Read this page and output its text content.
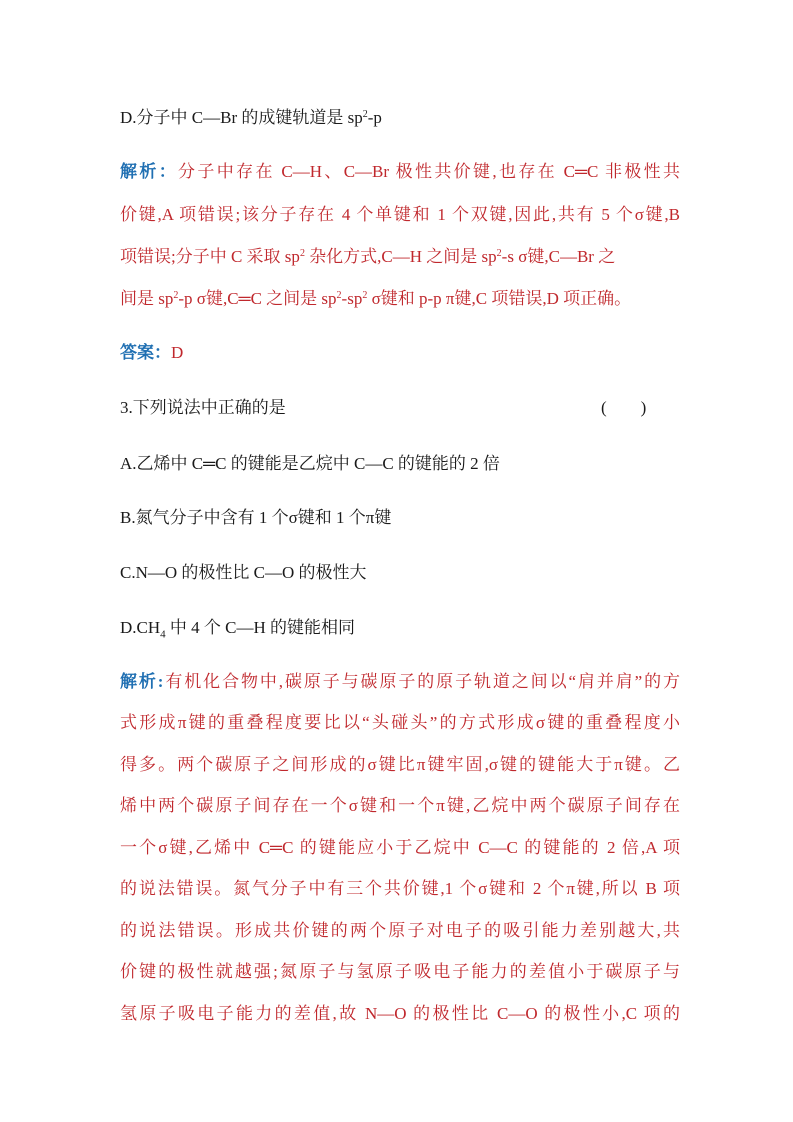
D.分子中 C—Br 的成键轨道是 $sp^2-p$
解析：分子中存在 C—H、C—Br 极性共价键,也存在 C═C 非极性共
价键,A 项错误;该分子存在 4 个单键和 1 个双键,因此,共有 5 个σ键,B
项错误;分子中 C 采取 $sp^2$ 杂化方式,C—H 之间是 $sp^2-s$ σ键,C—Br 之
间是 $sp^2-p$ σ键,C═C 之间是 $sp^2-sp^2$ σ键和 p-p π键,C 项错误,D 项正确。
答案：D
3.下列说法中正确的是	(　　)
A.乙烯中 C═C 的键能是乙烷中 C—C 的键能的 2 倍
B.氮气分子中含有 1 个σ键和 1 个π键
C.N—O 的极性比 C—O 的极性大
$D.CH_4$ 中 4 个 C—H 的键能相同
解析:有机化合物中,碳原子与碳原子的原子轨道之间以“肩并肩”的方
式形成π键的重叠程度要比以“头碰头”的方式形成σ键的重叠程度小
得多。两个碳原子之间形成的σ键比π键牢固,σ键的键能大于π键。乙
烯中两个碳原子间存在一个σ键和一个π键,乙烷中两个碳原子间存在
一个σ键,乙烯中 C═C 的键能应小于乙烷中 C—C 的键能的 2 倍,A 项
的说法错误。氮气分子中有三个共价键,1 个σ键和 2 个π键,所以 B 项
的说法错误。形成共价键的两个原子对电子的吸引能力差别越大,共
价键的极性就越强;氮原子与氢原子吸电子能力的差值小于碳原子与
氢原子吸电子能力的差值,故 N—O 的极性比 C—O 的极性小,C 项的
